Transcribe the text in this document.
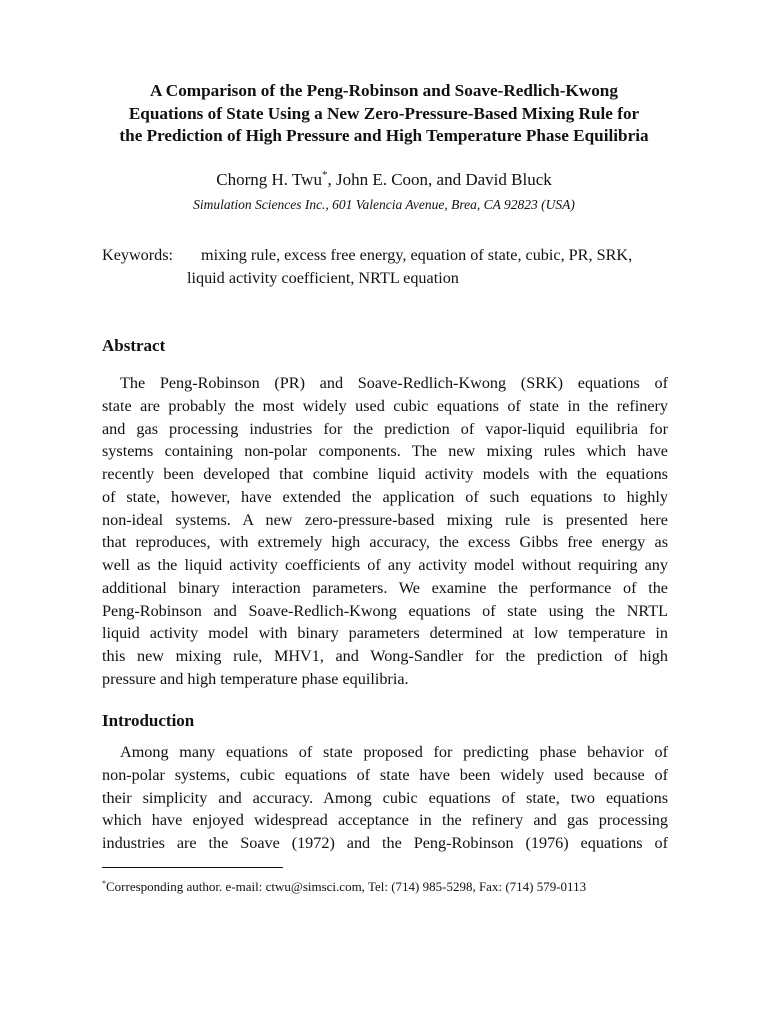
A Comparison of the Peng-Robinson and Soave-Redlich-Kwong
Equations of State Using a New Zero-Pressure-Based Mixing Rule for
the Prediction of High Pressure and High Temperature Phase Equilibria
Chorng H. Twu*, John E. Coon, and David Bluck
Simulation Sciences Inc., 601 Valencia Avenue, Brea, CA 92823 (USA)
Keywords: mixing rule, excess free energy, equation of state, cubic, PR, SRK,
liquid activity coefficient, NRTL equation
Abstract
The Peng-Robinson (PR) and Soave-Redlich-Kwong (SRK) equations of
state are probably the most widely used cubic equations of state in the refinery
and gas processing industries for the prediction of vapor-liquid equilibria for
systems containing non-polar components. The new mixing rules which have
recently been developed that combine liquid activity models with the equations
of state, however, have extended the application of such equations to highly
non-ideal systems. A new zero-pressure-based mixing rule is presented here
that reproduces, with extremely high accuracy, the excess Gibbs free energy as
well as the liquid activity coefficients of any activity model without requiring any
additional binary interaction parameters. We examine the performance of the
Peng-Robinson and Soave-Redlich-Kwong equations of state using the NRTL
liquid activity model with binary parameters determined at low temperature in
this new mixing rule, MHV1, and Wong-Sandler for the prediction of high
pressure and high temperature phase equilibria.
Introduction
Among many equations of state proposed for predicting phase behavior of
non-polar systems, cubic equations of state have been widely used because of
their simplicity and accuracy. Among cubic equations of state, two equations
which have enjoyed widespread acceptance in the refinery and gas processing
industries are the Soave (1972) and the Peng-Robinson (1976) equations of
*Corresponding author. e-mail: ctwu@simsci.com, Tel: (714) 985-5298, Fax: (714) 579-0113
